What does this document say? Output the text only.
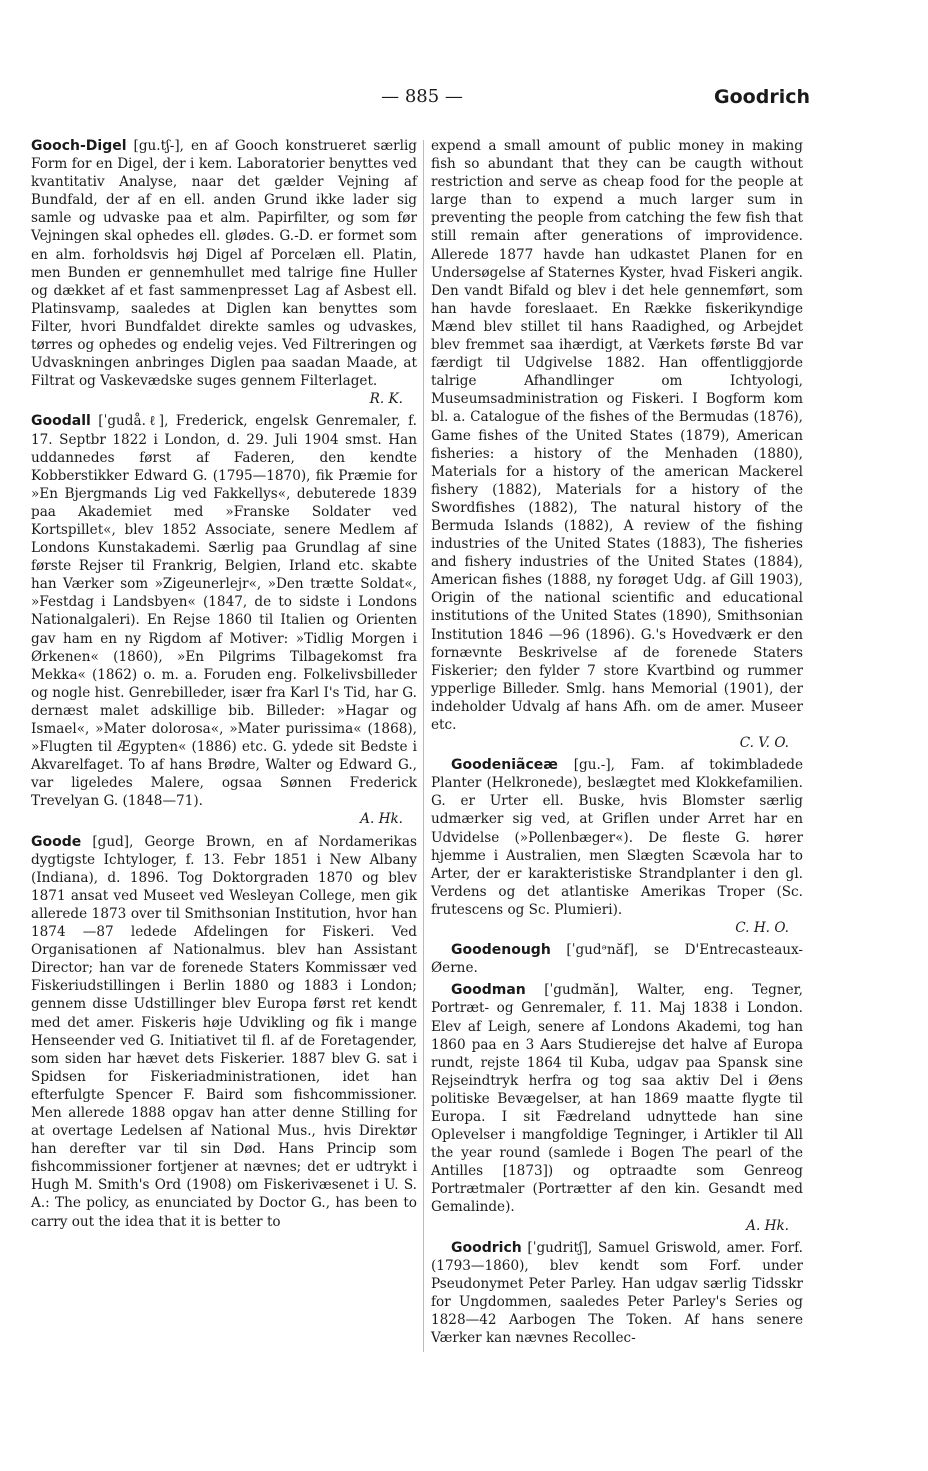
— 885 —	Goodrich

Gooch-Digel [gu.tʃ-], en af Gooch konstrueret særlig Form for en Digel, der i kem. Laboratorier benyttes ved kvantitativ Analyse, naar det gælder Vejning af Bundfald, der af en ell. anden Grund ikke lader sig samle og udvaske paa et alm. Papirfilter, og som før Vejningen skal ophedes ell. glødes. G.-D. er formet som en alm. forholdsvis høj Digel af Porcelæn ell. Platin, men Bunden er gennemhullet med talrige fine Huller og dækket af et fast sammenpresset Lag af Asbest ell. Platinsvamp, saaledes at Diglen kan benyttes som Filter, hvori Bundfaldet direkte samles og udvaskes, tørres og ophedes og endelig vejes. Ved Filtreringen og Udvaskningen anbringes Diglen paa saadan Maade, at Filtrat og Vaskevædske suges gennem Filterlaget.
R. K.

Goodall [ˈgudå.ℓ], Frederick, engelsk Genremaler, f. 17. Septbr 1822 i London, d. 29. Juli 1904 smst. Han uddannedes først af Faderen, den kendte Kobberstikker Edward G. (1795—1870), fik Præmie for »En Bjergmands Lig ved Fakkellys«, debuterede 1839 paa Akademiet med »Franske Soldater ved Kortspillet«, blev 1852 Associate, senere Medlem af Londons Kunstakademi. Særlig paa Grundlag af sine første Rejser til Frankrig, Belgien, Irland etc. skabte han Værker som »Zigeunerlejr«, »Den trætte Soldat«, »Festdag i Landsbyen« (1847, de to sidste i Londons Nationalgaleri). En Rejse 1860 til Italien og Orienten gav ham en ny Rigdom af Motiver: »Tidlig Morgen i Ørkenen« (1860), »En Pilgrims Tilbagekomst fra Mekka« (1862) o. m. a. Foruden eng. Folkelivsbilleder og nogle hist. Genrebilleder, især fra Karl I's Tid, har G. dernæst malet adskillige bib. Billeder: »Hagar og Ismael«, »Mater dolorosa«, »Mater purissima« (1868), »Flugten til Ægypten« (1886) etc. G. ydede sit Bedste i Akvarelfaget. To af hans Brødre, Walter og Edward G., var ligeledes Malere, ogsaa Sønnen Frederick Trevelyan G. (1848—71).
A. Hk.

Goode [gud], George Brown, en af Nordamerikas dygtigste Ichtyloger, f. 13. Febr 1851 i New Albany (Indiana), d. 1896. Tog Doktorgraden 1870 og blev 1871 ansat ved Museet ved Wesleyan College, men gik allerede 1873 over til Smithsonian Institution, hvor han 1874 —87 ledede Afdelingen for Fiskeri. Ved Organisationen af Nationalmus. blev han Assistant Director; han var de forenede Staters Kommissær ved Fiskeriudstillingen i Berlin 1880 og 1883 i London; gennem disse Udstillinger blev Europa først ret kendt med det amer. Fiskeris høje Udvikling og fik i mange Henseender ved G. Initiativet til fl. af de Foretagender, som siden har hævet dets Fiskerier. 1887 blev G. sat i Spidsen for Fiskeriadministrationen, idet han efterfulgte Spencer F. Baird som fishcommissioner. Men allerede 1888 opgav han atter denne Stilling for at overtage Ledelsen af National Mus., hvis Direktør han derefter var til sin Død. Hans Princip som fishcommissioner fortjener at nævnes; det er udtrykt i Hugh M. Smith's Ord (1908) om Fiskerivæsenet i U. S. A.: The policy, as enunciated by Doctor G., has been to carry out the idea that it is better to

expend a small amount of public money in making fish so abundant that they can be caugth without restriction and serve as cheap food for the people at large than to expend a much larger sum in preventing the people from catching the few fish that still remain after generations of improvidence. Allerede 1877 havde han udkastet Planen for en Undersøgelse af Staternes Kyster, hvad Fiskeri angik. Den vandt Bifald og blev i det hele gennemført, som han havde foreslaaet. En Række fiskerikyndige Mænd blev stillet til hans Raadighed, og Arbejdet blev fremmet saa ihærdigt, at Værkets første Bd var færdigt til Udgivelse 1882. Han offentliggjorde talrige Afhandlinger om Ichtyologi, Museumsadministration og Fiskeri. I Bogform kom bl. a. Catalogue of the fishes of the Bermudas (1876), Game fishes of the United States (1879), American fisheries: a history of the Menhaden (1880), Materials for a history of the american Mackerel fishery (1882), Materials for a history of the Swordfishes (1882), The natural history of the Bermuda Islands (1882), A review of the fishing industries of the United States (1883), The fisheries and fishery industries of the United States (1884), American fishes (1888, ny forøget Udg. af Gill 1903), Origin of the national scientific and educational institutions of the United States (1890), Smithsonian Institution 1846 —96 (1896). G.'s Hovedværk er den fornævnte Beskrivelse af de forenede Staters Fiskerier; den fylder 7 store Kvartbind og rummer ypperlige Billeder. Smlg. hans Memorial (1901), der indeholder Udvalg af hans Afh. om de amer. Museer etc.
C. V. O.

Goodeniãceæ [gu.-], Fam. af tokimbladede Planter (Helkronede), beslægtet med Klokkefamilien. G. er Urter ell. Buske, hvis Blomster særlig udmærker sig ved, at Griflen under Arret har en Udvidelse (»Pollenbæger«). De fleste G. hører hjemme i Australien, men Slægten Scævola har to Arter, der er karakteristiske Strandplanter i den gl. Verdens og det atlantiske Amerikas Troper (Sc. frutescens og Sc. Plumieri).
C. H. O.

Goodenough [ˈgudᵊnăf], se D'Entrecasteaux-Øerne.

Goodman [ˈgudmăn], Walter, eng. Tegner, Portræt- og Genremaler, f. 11. Maj 1838 i London. Elev af Leigh, senere af Londons Akademi, tog han 1860 paa en 3 Aars Studierejse det halve af Europa rundt, rejste 1864 til Kuba, udgav paa Spansk sine Rejseindtryk herfra og tog saa aktiv Del i Øens politiske Bevægelser, at han 1869 maatte flygte til Europa. I sit Fædreland udnyttede han sine Oplevelser i mangfoldige Tegninger, i Artikler til All the year round (samlede i Bogen The pearl of the Antilles [1873]) og optraadte som Genreog Portrætmaler (Portrætter af den kin. Gesandt med Gemalinde).
A. Hk.

Goodrich [ˈgudritʃ], Samuel Griswold, amer. Forf. (1793—1860), blev kendt som Forf. under Pseudonymet Peter Parley. Han udgav særlig Tidsskr for Ungdommen, saaledes Peter Parley's Series og 1828—42 Aarbogen The Token. Af hans senere Værker kan nævnes Recollec-
